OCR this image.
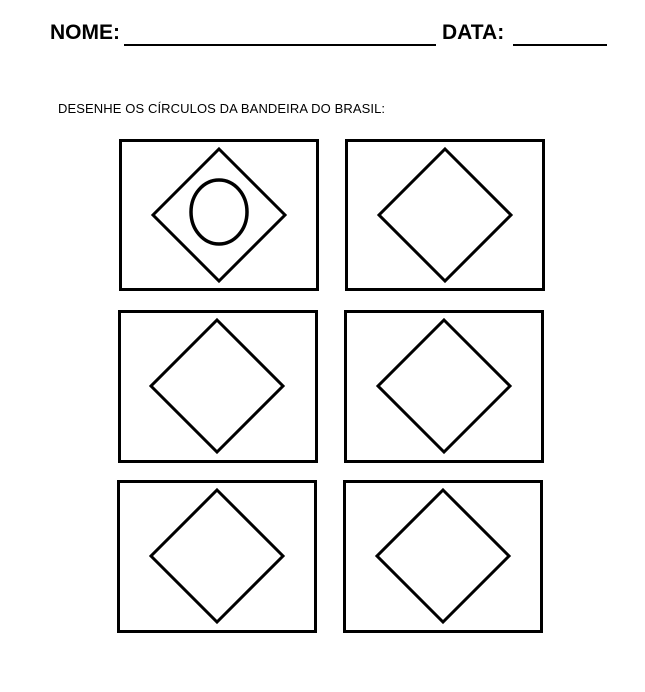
NOME:	DATA:
DESENHE OS CÍRCULOS DA BANDEIRA DO BRASIL:
